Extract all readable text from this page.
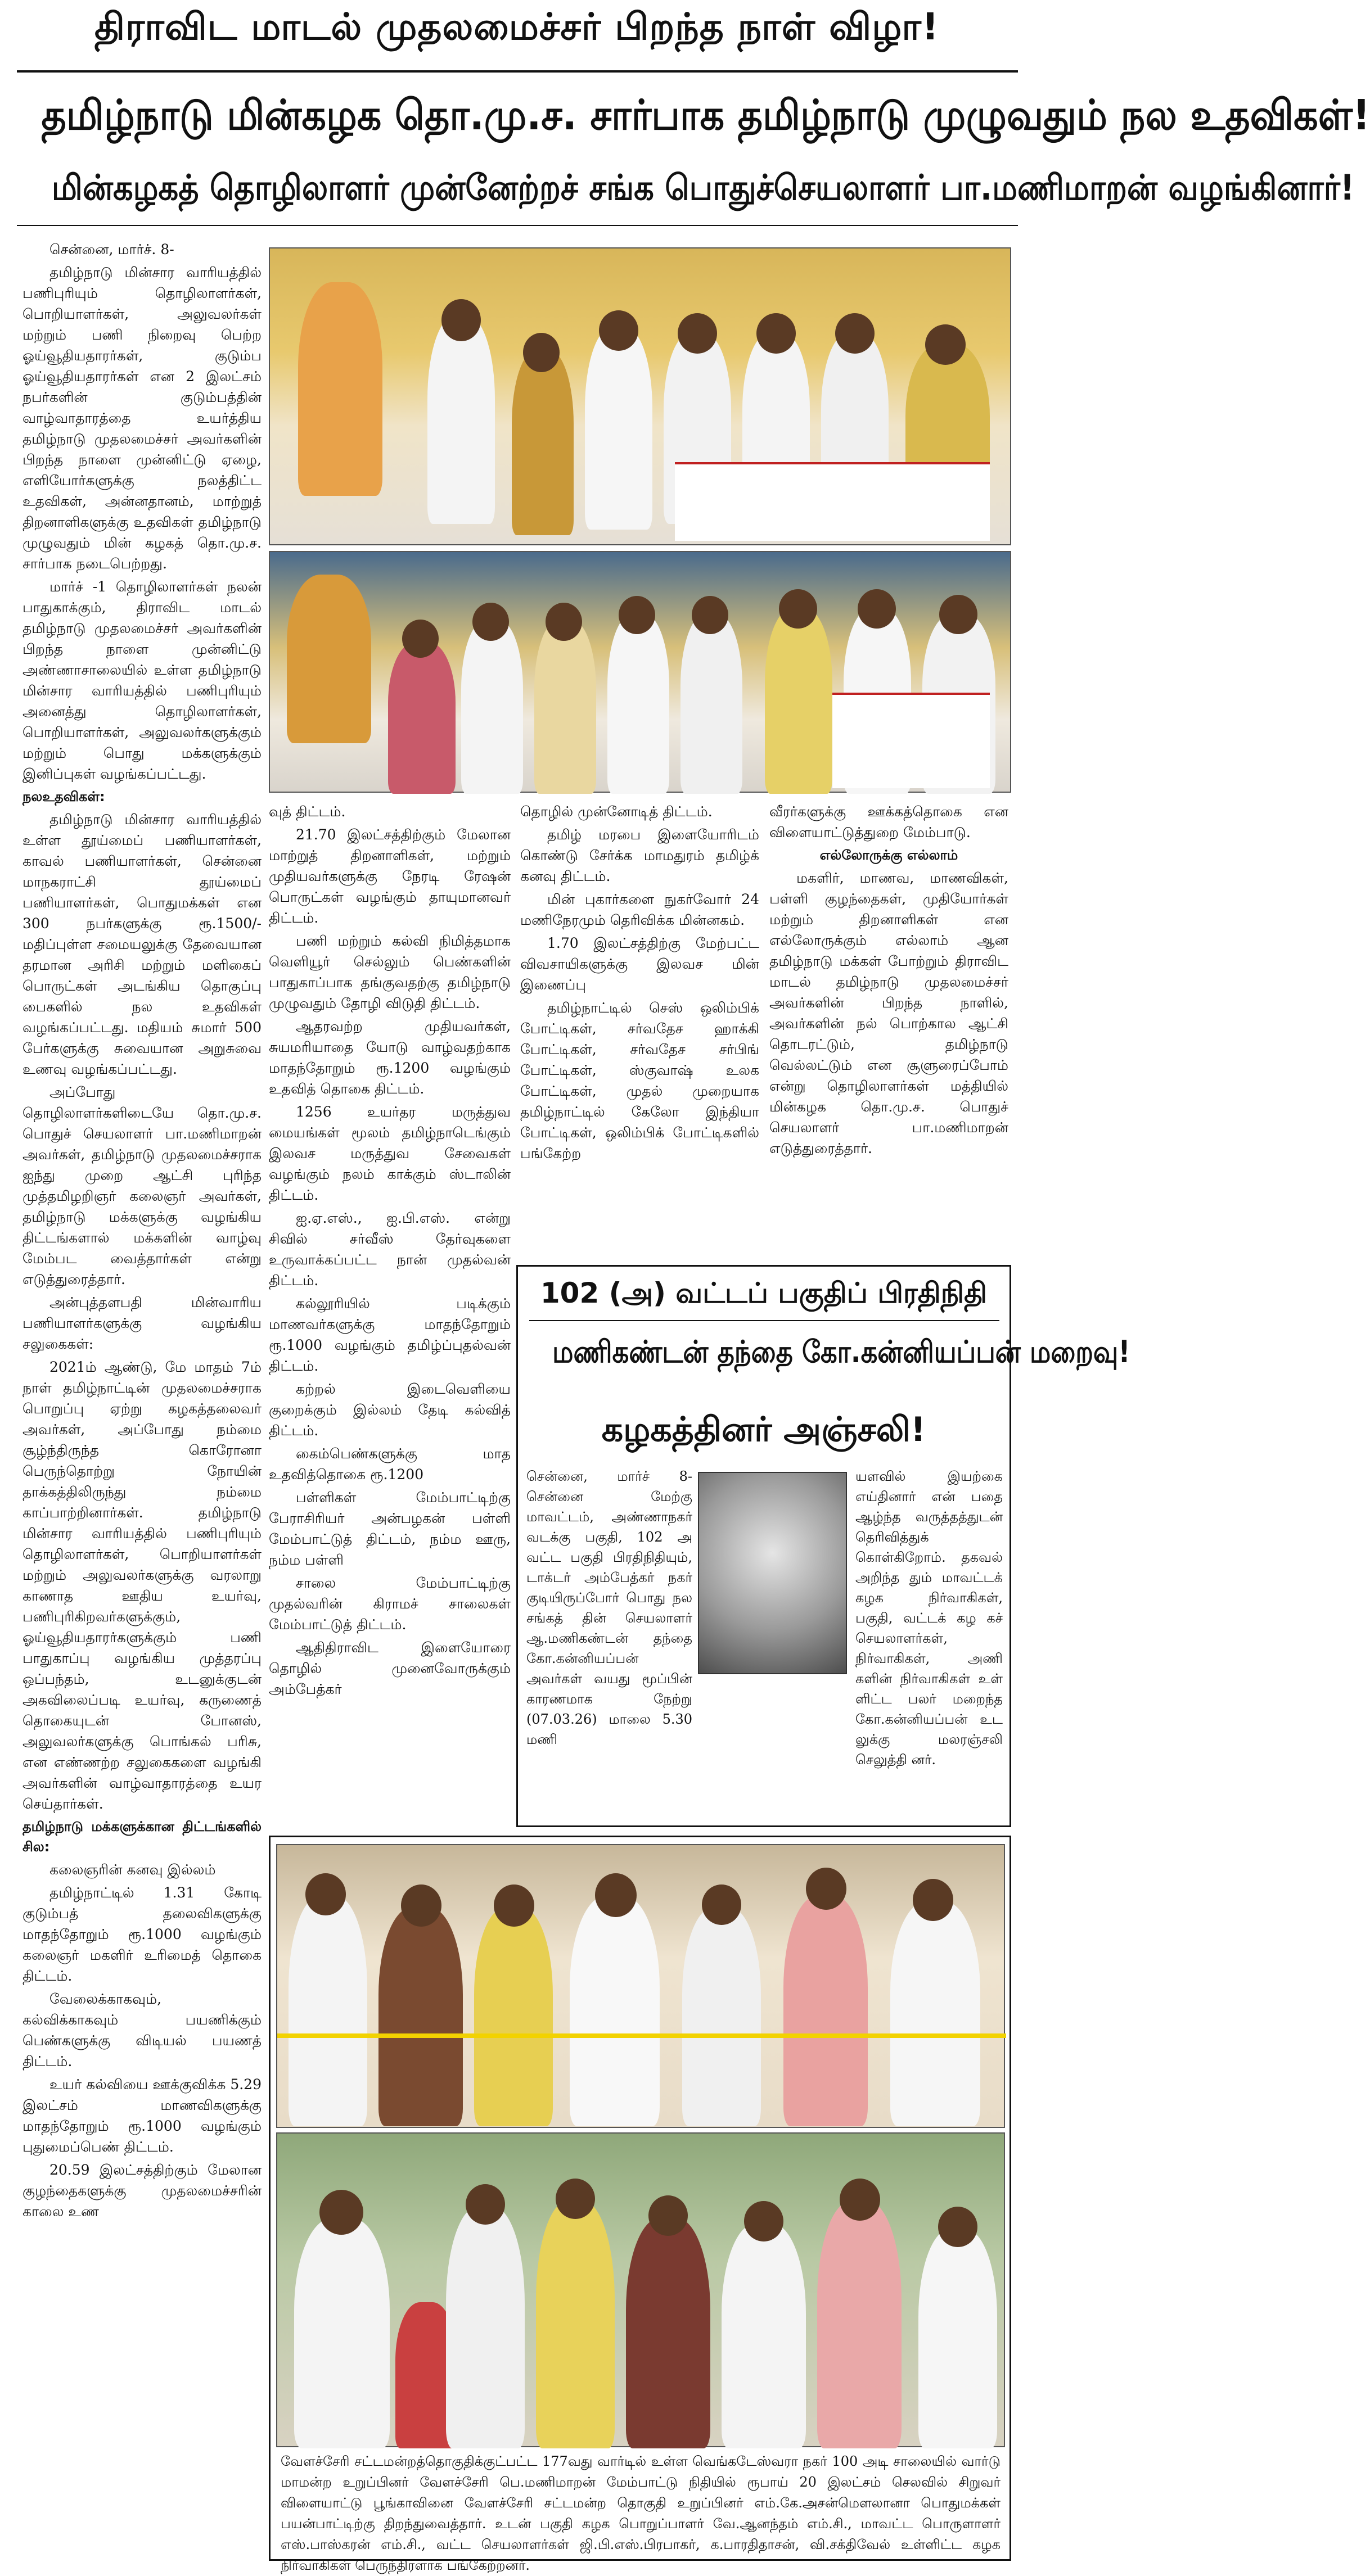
திராவிட மாடல் முதலமைச்சர் பிறந்த நாள் விழா!
தமிழ்நாடு மின்கழக தொ.மு.ச. சார்பாக தமிழ்நாடு முழுவதும் நல உதவிகள்!
மின்கழகத் தொழிலாளர் முன்னேற்றச் சங்க பொதுச்செயலாளர் பா.மணிமாறன் வழங்கினார்!

சென்னை, மார்ச். 8-

தமிழ்நாடு மின்சார வாரியத்தில் பணிபுரியும் தொழிலாளர்கள், பொறியாளர்கள், அலுவலர்கள் மற்றும் பணி நிறைவு பெற்ற ஓய்வூதியதாரர்கள், குடும்ப ஓய்வூதியதாரர்கள் என 2 இலட்சம் நபர்களின் குடும்பத்தின் வாழ்வாதாரத்தை உயர்த்திய தமிழ்நாடு முதலமைச்சர் அவர்களின் பிறந்த நாளை முன்னிட்டு ஏழை, எளியோர்களுக்கு நலத்திட்ட உதவிகள், அன்னதானம், மாற்றுத் திறனாளிகளுக்கு உதவிகள் தமிழ்நாடு முழுவதும் மின் கழகத் தொ.மு.ச. சார்பாக நடைபெற்றது.

மார்ச் -1 தொழிலாளர்கள் நலன் பாதுகாக்கும், திராவிட மாடல் தமிழ்நாடு முதலமைச்சர் அவர்களின் பிறந்த நாளை முன்னிட்டு அண்ணாசாலையில் உள்ள தமிழ்நாடு மின்சார வாரியத்தில் பணிபுரியும் அனைத்து தொழிலாளர்கள், பொறியாளர்கள், அலுவலர்களுக்கும் மற்றும் பொது மக்களுக்கும் இனிப்புகள் வழங்கப்பட்டது.

நலஉதவிகள்:

தமிழ்நாடு மின்சார வாரியத்தில் உள்ள தூய்மைப் பணியாளர்கள், காவல் பணியாளர்கள், சென்னை மாநகராட்சி தூய்மைப் பணியாளர்கள், பொதுமக்கள் என 300 நபர்களுக்கு ரூ.1500/- மதிப்புள்ள சமையலுக்கு தேவையான தரமான அரிசி மற்றும் மளிகைப் பொருட்கள் அடங்கிய தொகுப்பு பைகளில் நல உதவிகள் வழங்கப்பட்டது. மதியம் சுமார் 500 பேர்களுக்கு சுவையான அறுசுவை உணவு வழங்கப்பட்டது.

அப்போது தொழிலாளர்களிடையே தொ.மு.ச. பொதுச் செயலாளர் பா.மணிமாறன் அவர்கள், தமிழ்நாடு முதலமைச்சராக ஐந்து முறை ஆட்சி புரிந்த முத்தமிழறிஞர் கலைஞர் அவர்கள், தமிழ்நாடு மக்களுக்கு வழங்கிய திட்டங்களால் மக்களின் வாழ்வு மேம்பட வைத்தார்கள் என்று எடுத்துரைத்தார்.

அன்புத்தளபதி மின்வாரிய பணியாளர்களுக்கு வழங்கிய சலுகைகள்:

2021ம் ஆண்டு, மே மாதம் 7ம் நாள் தமிழ்நாட்டின் முதலமைச்சராக பொறுப்பு ஏற்று கழகத்தலைவர் அவர்கள், அப்போது நம்மை சூழ்ந்திருந்த கொரோனா பெருந்தொற்று நோயின் தாக்கத்திலிருந்து நம்மை காப்பாற்றினார்கள். தமிழ்நாடு மின்சார வாரியத்தில் பணிபுரியும் தொழிலாளர்கள், பொறியாளர்கள் மற்றும் அலுவலர்களுக்கு வரலாறு காணாத ஊதிய உயர்வு, பணிபுரிகிறவர்களுக்கும், ஓய்வூதியதாரர்களுக்கும் பணி பாதுகாப்பு வழங்கிய முத்தரப்பு ஒப்பந்தம், உடனுக்குடன் அகவிலைப்படி உயர்வு, கருணைத் தொகையுடன் போனஸ், அலுவலர்களுக்கு பொங்கல் பரிசு, என எண்ணற்ற சலுகைகளை வழங்கி அவர்களின் வாழ்வாதாரத்தை உயர செய்தார்கள்.

தமிழ்நாடு மக்களுக்கான திட்டங்களில் சில:

கலைஞரின் கனவு இல்லம்

தமிழ்நாட்டில் 1.31 கோடி குடும்பத் தலைவிகளுக்கு மாதந்தோறும் ரூ.1000 வழங்கும் கலைஞர் மகளிர் உரிமைத் தொகை திட்டம்.

வேலைக்காகவும், கல்விக்காகவும் பயணிக்கும் பெண்களுக்கு விடியல் பயணத் திட்டம்.

உயர் கல்வியை ஊக்குவிக்க 5.29 இலட்சம் மாணவிகளுக்கு மாதந்தோறும் ரூ.1000 வழங்கும் புதுமைப்பெண் திட்டம்.

20.59 இலட்சத்திற்கும் மேலான குழந்தைகளுக்கு முதலமைச்சரின் காலை உண

வுத் திட்டம்.

21.70 இலட்சத்திற்கும் மேலான மாற்றுத் திறனாளிகள், மற்றும் முதியவர்களுக்கு நேரடி ரேஷன் பொருட்கள் வழங்கும் தாயுமானவர் திட்டம்.

பணி மற்றும் கல்வி நிமித்தமாக வெளியூர் செல்லும் பெண்களின் பாதுகாப்பாக தங்குவதற்கு தமிழ்நாடு முழுவதும் தோழி விடுதி திட்டம்.

ஆதரவற்ற முதியவர்கள், சுயமரியாதை யோடு வாழ்வதற்காக மாதந்தோறும் ரூ.1200 வழங்கும் உதவித் தொகை திட்டம்.

1256 உயர்தர மருத்துவ மையங்கள் மூலம் தமிழ்நாடெங்கும் இலவச மருத்துவ சேவைகள் வழங்கும் நலம் காக்கும் ஸ்டாலின் திட்டம்.

ஐ.ஏ.எஸ்., ஐ.பி.எஸ். என்று சிவில் சர்வீஸ் தேர்வுகளை உருவாக்கப்பட்ட நான் முதல்வன் திட்டம்.

கல்லூரியில் படிக்கும் மாணவர்களுக்கு மாதந்தோறும் ரூ.1000 வழங்கும் தமிழ்ப்புதல்வன் திட்டம்.

கற்றல் இடைவெளியை குறைக்கும் இல்லம் தேடி கல்வித் திட்டம்.

கைம்பெண்களுக்கு மாத உதவித்தொகை ரூ.1200

பள்ளிகள் மேம்பாட்டிற்கு பேராசிரியர் அன்பழகன் பள்ளி மேம்பாட்டுத் திட்டம், நம்ம ஊரு, நம்ம பள்ளி

சாலை மேம்பாட்டிற்கு முதல்வரின் கிராமச் சாலைகள் மேம்பாட்டுத் திட்டம்.

ஆதிதிராவிட இளையோரை தொழில் முனைவோருக்கும் அம்பேத்கர்

தொழில் முன்னோடித் திட்டம்.

தமிழ் மரபை இளையோரிடம் கொண்டு சேர்க்க மாமதுரம் தமிழ்க் கனவு திட்டம்.

மின் புகார்களை நுகர்வோர் 24 மணிநேரமும் தெரிவிக்க மின்னகம்.

1.70 இலட்சத்திற்கு மேற்பட்ட விவசாயிகளுக்கு இலவச மின் இணைப்பு

தமிழ்நாட்டில் செஸ் ஒலிம்பிக் போட்டிகள், சர்வதேச ஹாக்கி போட்டிகள், சர்வதேச சர்பிங் போட்டிகள், ஸ்குவாஷ் உலக போட்டிகள், முதல் முறையாக தமிழ்நாட்டில் கேலோ இந்தியா போட்டிகள், ஒலிம்பிக் போட்டிகளில் பங்கேற்ற

வீரர்களுக்கு ஊக்கத்தொகை என விளையாட்டுத்துறை மேம்பாடு.

எல்லோருக்கு எல்லாம்

மகளிர், மாணவ, மாணவிகள், பள்ளி குழந்தைகள், முதியோர்கள் மற்றும் திறனாளிகள் என எல்லோருக்கும் எல்லாம் ஆன தமிழ்நாடு மக்கள் போற்றும் திராவிட மாடல் தமிழ்நாடு முதலமைச்சர் அவர்களின் பிறந்த நாளில், அவர்களின் நல் பொற்கால ஆட்சி தொடரட்டும், தமிழ்நாடு வெல்லட்டும் என சூளுரைப்போம் என்று தொழிலாளர்கள் மத்தியில் மின்கழக தொ.மு.ச. பொதுச் செயலாளர் பா.மணிமாறன் எடுத்துரைத்தார்.

102 (அ) வட்டப் பகுதிப் பிரதிநிதி
மணிகண்டன் தந்தை கோ.கன்னியப்பன் மறைவு!
கழகத்தினர் அஞ்சலி!
சென்னை, மார்ச் 8- சென்னை மேற்கு மாவட்டம், அண்ணாநகர் வடக்கு பகுதி, 102 அ வட்ட பகுதி பிரதிநிதியும், டாக்டர் அம்பேத்கர் நகர் குடியிருப்போர் பொது நல சங்கத் தின் செயலாளர் ஆ.மணிகண்டன் தந்தை கோ.கன்னியப்பன் அவர்கள் வயது மூப்பின் காரணமாக நேற்று (07.03.26) மாலை 5.30 மணி
யளவில் இயற்கை எய்தினார் என் பதை ஆழ்ந்த வருத்தத்துடன் தெரிவித்துக் கொள்கிறோம். தகவல் அறிந்த தும் மாவட்டக் கழக நிர்வாகிகள், பகுதி, வட்டக் கழ கச் செயலாளர்கள், நிர்வாகிகள், அணி களின் நிர்வாகிகள் உள் ளிட்ட பலர் மறைந்த கோ.கன்னியப்பன் உட லுக்கு மலரஞ்சலி செலுத்தி னர்.
வேளச்சேரி சட்டமன்றத்தொகுதிக்குட்பட்ட 177வது வார்டில் உள்ள வெங்கடேஸ்வரா நகர் 100 அடி சாலையில் வார்டு மாமன்ற உறுப்பினர் வேளச்சேரி பெ.மணிமாறன் மேம்பாட்டு நிதியில் ரூபாய் 20 இலட்சம் செலவில் சிறுவர் விளையாட்டு பூங்காவினை வேளச்சேரி சட்டமன்ற தொகுதி உறுப்பினர் எம்.கே.அசன்மௌலானா பொதுமக்கள் பயன்பாட்டிற்கு திறந்துவைத்தார். உடன் பகுதி கழக பொறுப்பாளர் வே.ஆனந்தம் எம்.சி., மாவட்ட பொருளாளர் எஸ்.பாஸ்கரன் எம்.சி., வட்ட செயலாளர்கள் ஜி.பி.எஸ்.பிரபாகர், க.பாரதிதாசன், வி.சக்திவேல் உள்ளிட்ட கழக நிர்வாகிகள் பெருந்திரளாக பங்கேற்றனர்.
